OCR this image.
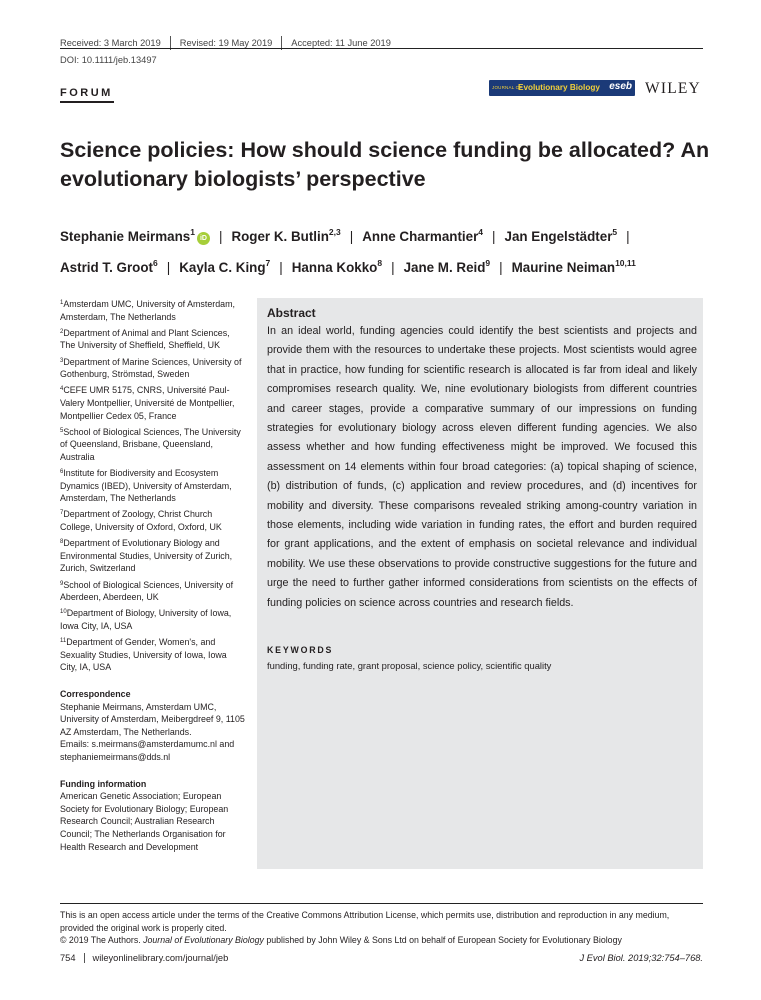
Received: 3 March 2019 Revised: 19 May 2019 Accepted: 11 June 2019
DOI: 10.1111/jeb.13497
FORUM	JOURNAL OF
Evolutionary Biology eseb WILEY
Science policies: How should science funding be allocated? An evolutionary biologists’ perspective
Stephanie Meirmans$^1$iD | Roger K. Butlin$^{2,3}$ | Anne Charmantier$^4$ | Jan Engelstädter$^5$ |
Astrid T. Groot$^6$ | Kayla C. King$^7$ | Hanna Kokko$^8$ | Jane M. Reid$^9$ | Maurine Neiman$^{10,11}$
$^1$Amsterdam UMC, University of Amsterdam, Amsterdam, The Netherlands
$^2$Department of Animal and Plant Sciences, The University of Sheffield, Sheffield, UK
$^3$Department of Marine Sciences, University of Gothenburg, Strömstad, Sweden
$^4$CEFE UMR 5175, CNRS, Université Paul-Valery Montpellier, Université de Montpellier, Montpellier Cedex 05, France
$^5$School of Biological Sciences, The University of Queensland, Brisbane, Queensland, Australia
$^6$Institute for Biodiversity and Ecosystem Dynamics (IBED), University of Amsterdam, Amsterdam, The Netherlands
$^7$Department of Zoology, Christ Church College, University of Oxford, Oxford, UK
$^8$Department of Evolutionary Biology and Environmental Studies, University of Zurich, Zurich, Switzerland
$^9$School of Biological Sciences, University of Aberdeen, Aberdeen, UK
$^{10}$Department of Biology, University of Iowa, Iowa City, IA, USA
$^{11}$Department of Gender, Women's, and Sexuality Studies, University of Iowa, Iowa City, IA, USA
Correspondence
Stephanie Meirmans, Amsterdam UMC, University of Amsterdam, Meibergdreef 9, 1105 AZ Amsterdam, The Netherlands.
Emails: s.meirmans@amsterdamumc.nl and stephaniemeirmans@dds.nl
Funding information
American Genetic Association; European Society for Evolutionary Biology; European Research Council; Australian Research Council; The Netherlands Organisation for Health Research and Development
Abstract

In an ideal world, funding agencies could identify the best scientists and projects and provide them with the resources to undertake these projects. Most scientists would agree that in practice, how funding for scientific research is allocated is far from ideal and likely compromises research quality. We, nine evolutionary biologists from different countries and career stages, provide a comparative summary of our impressions on funding strategies for evolutionary biology across eleven different funding agencies. We also assess whether and how funding effectiveness might be improved. We focused this assessment on 14 elements within four broad categories: (a) topical shaping of science, (b) distribution of funds, (c) application and review procedures, and (d) incentives for mobility and diversity. These comparisons revealed striking among-country variation in those elements, including wide variation in funding rates, the effort and burden required for grant applications, and the extent of emphasis on societal relevance and individual mobility. We use these observations to provide constructive suggestions for the future and urge the need to further gather informed considerations from scientists on the effects of funding policies on science across countries and research fields.

KEYWORDS
funding, funding rate, grant proposal, science policy, scientific quality
This is an open access article under the terms of the Creative Commons Attribution License, which permits use, distribution and reproduction in any medium, provided the original work is properly cited.
© 2019 The Authors. Journal of Evolutionary Biology published by John Wiley & Sons Ltd on behalf of European Society for Evolutionary Biology
754 wileyonlinelibrary.com/journal/jeb	J Evol Biol. 2019;32:754–768.
